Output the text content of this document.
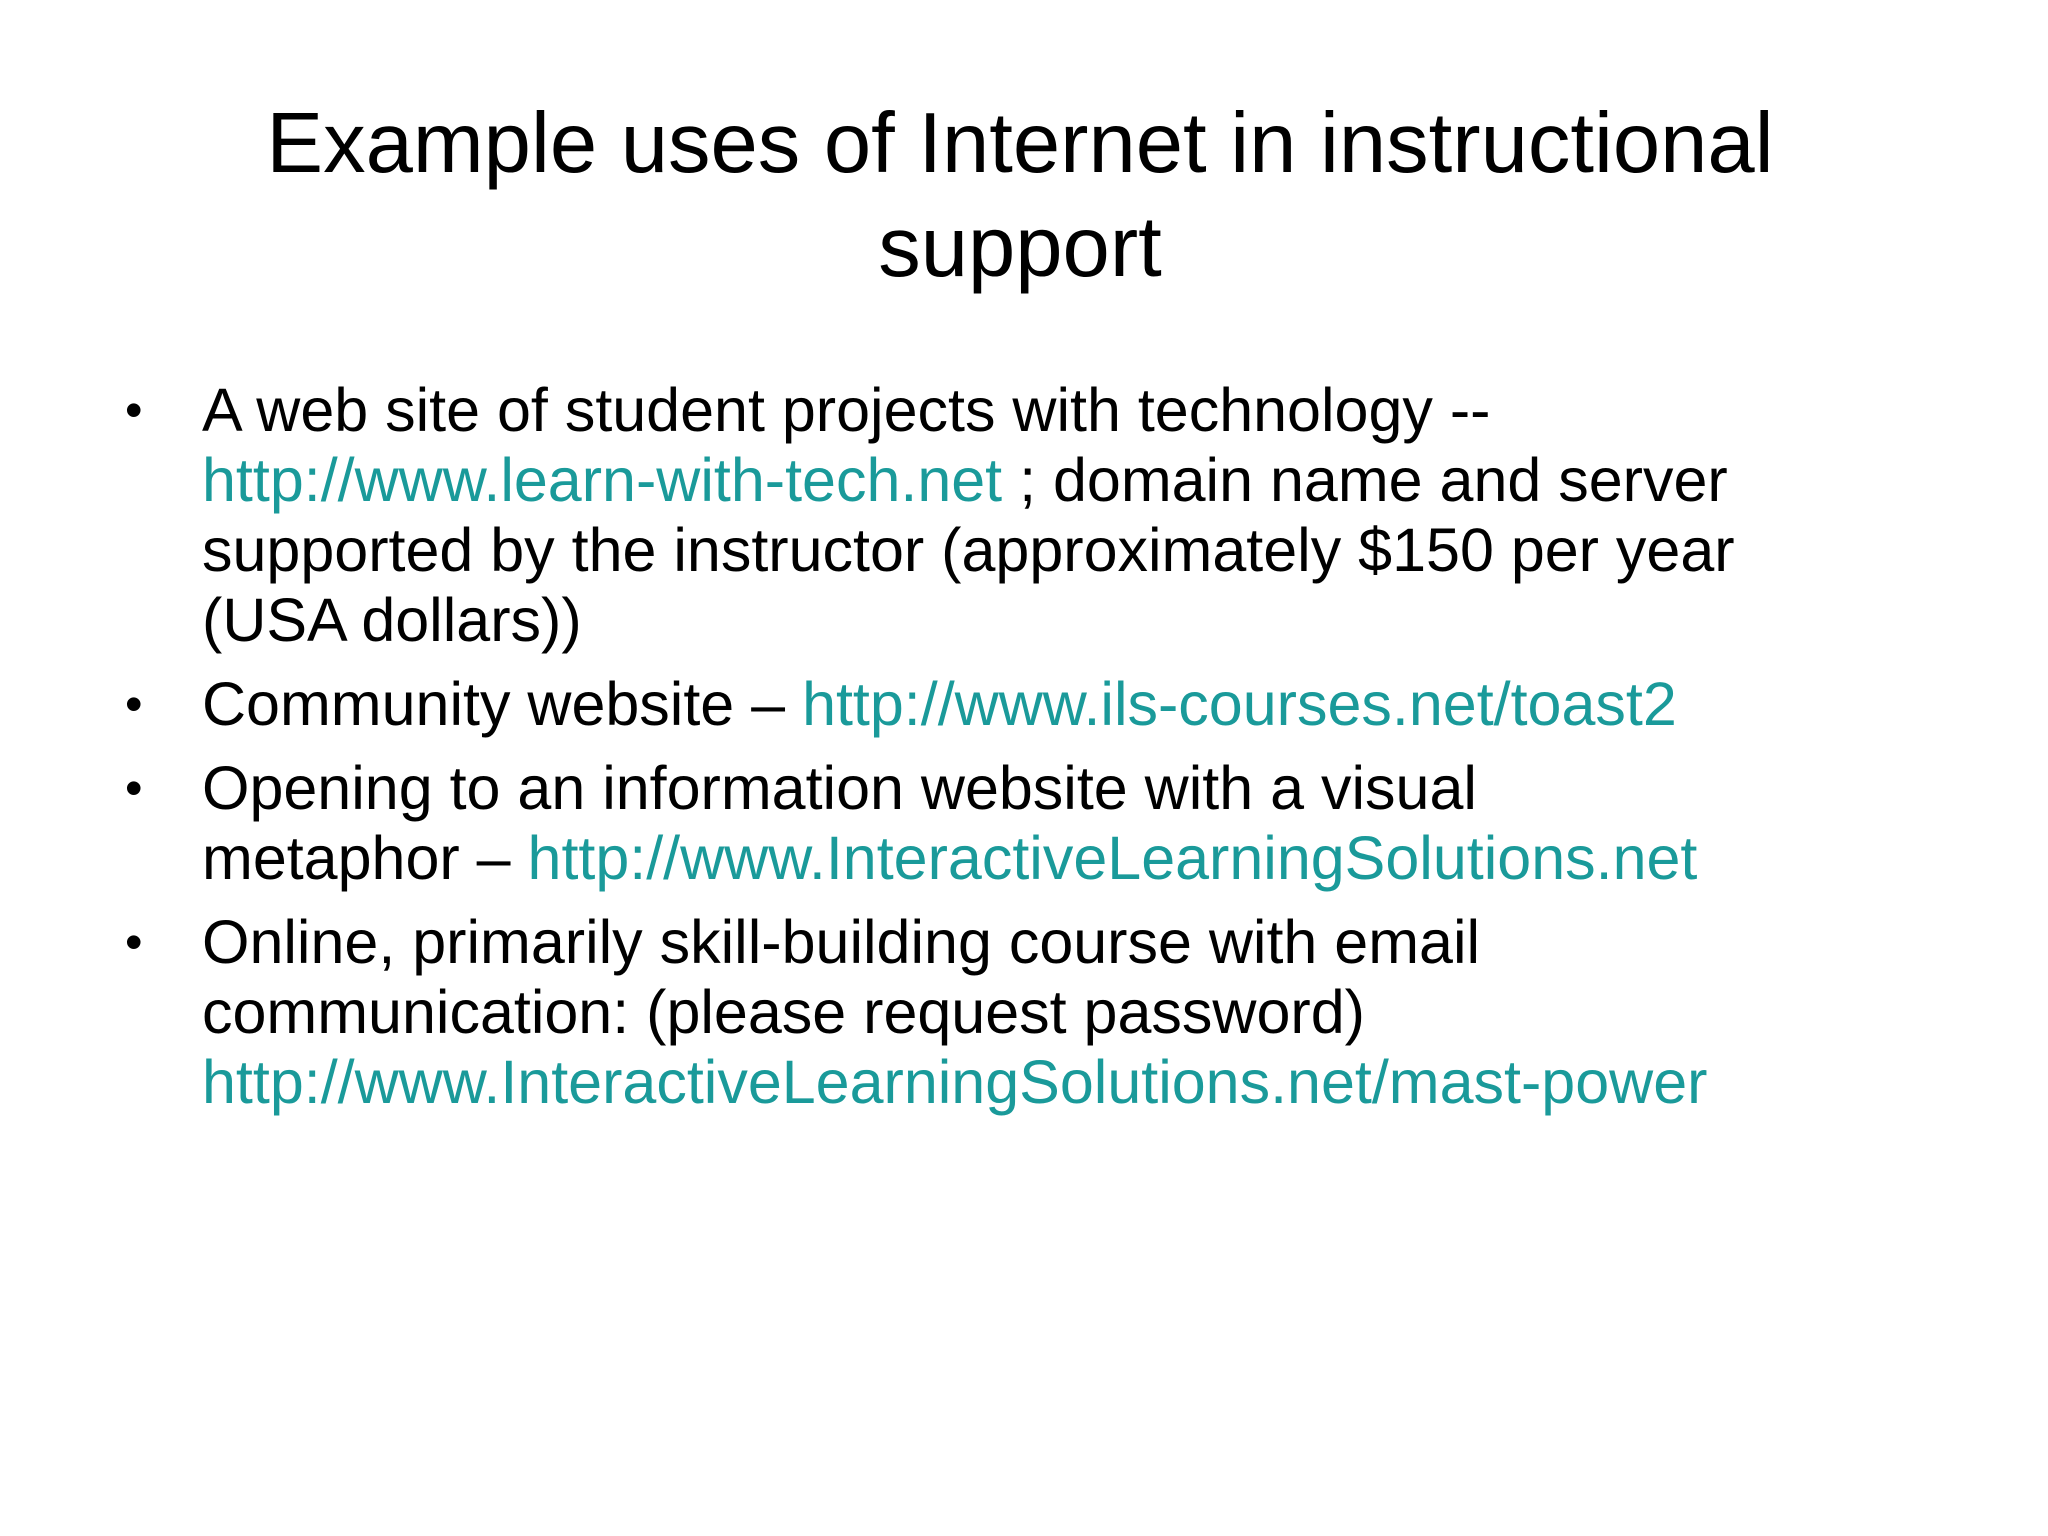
Example uses of Internet in instructional
support
• A web site of student projects with technology --
http://www.learn-with-tech.net ; domain name and server
supported by the instructor (approximately $150 per year
(USA dollars))
• Community website – http://www.ils-courses.net/toast2
• Opening to an information website with a visual
metaphor – http://www.InteractiveLearningSolutions.net
• Online, primarily skill-building course with email
communication: (please request password)
http://www.InteractiveLearningSolutions.net/mast-power
